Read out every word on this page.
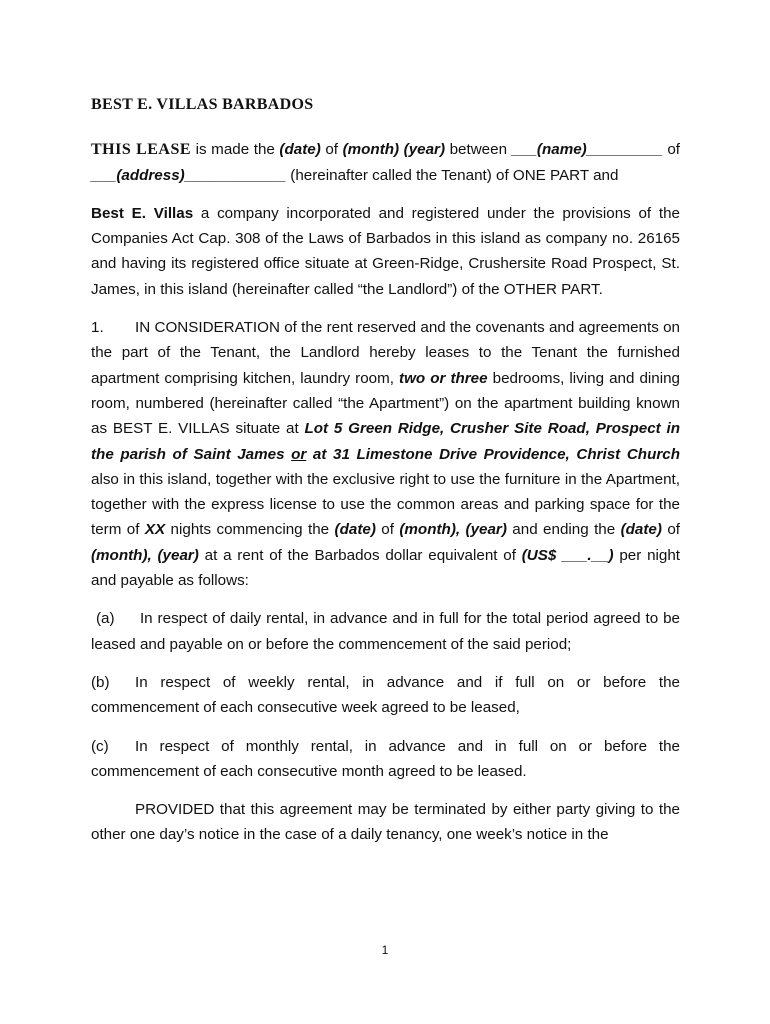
BEST E. VILLAS BARBADOS

THIS LEASE is made the (date) of (month) (year) between ___(name)_________ of ___(address)____________ (hereinafter called the Tenant) of ONE PART and

Best E. Villas a company incorporated and registered under the provisions of the Companies Act Cap. 308 of the Laws of Barbados in this island as company no. 26165 and having its registered office situate at Green-Ridge, Crushersite Road Prospect, St. James, in this island (hereinafter called “the Landlord”) of the OTHER PART.

1. IN CONSIDERATION of the rent reserved and the covenants and agreements on the part of the Tenant, the Landlord hereby leases to the Tenant the furnished apartment comprising kitchen, laundry room, two or three bedrooms, living and dining room, numbered (hereinafter called “the Apartment”) on the apartment building known as BEST E. VILLAS situate at Lot 5 Green Ridge, Crusher Site Road, Prospect in the parish of Saint James or at 31 Limestone Drive Providence, Christ Church also in this island, together with the exclusive right to use the furniture in the Apartment, together with the express license to use the common areas and parking space for the term of XX nights commencing the (date) of (month), (year) and ending the (date) of (month), (year) at a rent of the Barbados dollar equivalent of (US$ ___.__) per night and payable as follows:

(a) In respect of daily rental, in advance and in full for the total period agreed to be leased and payable on or before the commencement of the said period;

(b) In respect of weekly rental, in advance and if full on or before the commencement of each consecutive week agreed to be leased,

(c) In respect of monthly rental, in advance and in full on or before the commencement of each consecutive month agreed to be leased.

PROVIDED that this agreement may be terminated by either party giving to the other one day’s notice in the case of a daily tenancy, one week’s notice in the

1
